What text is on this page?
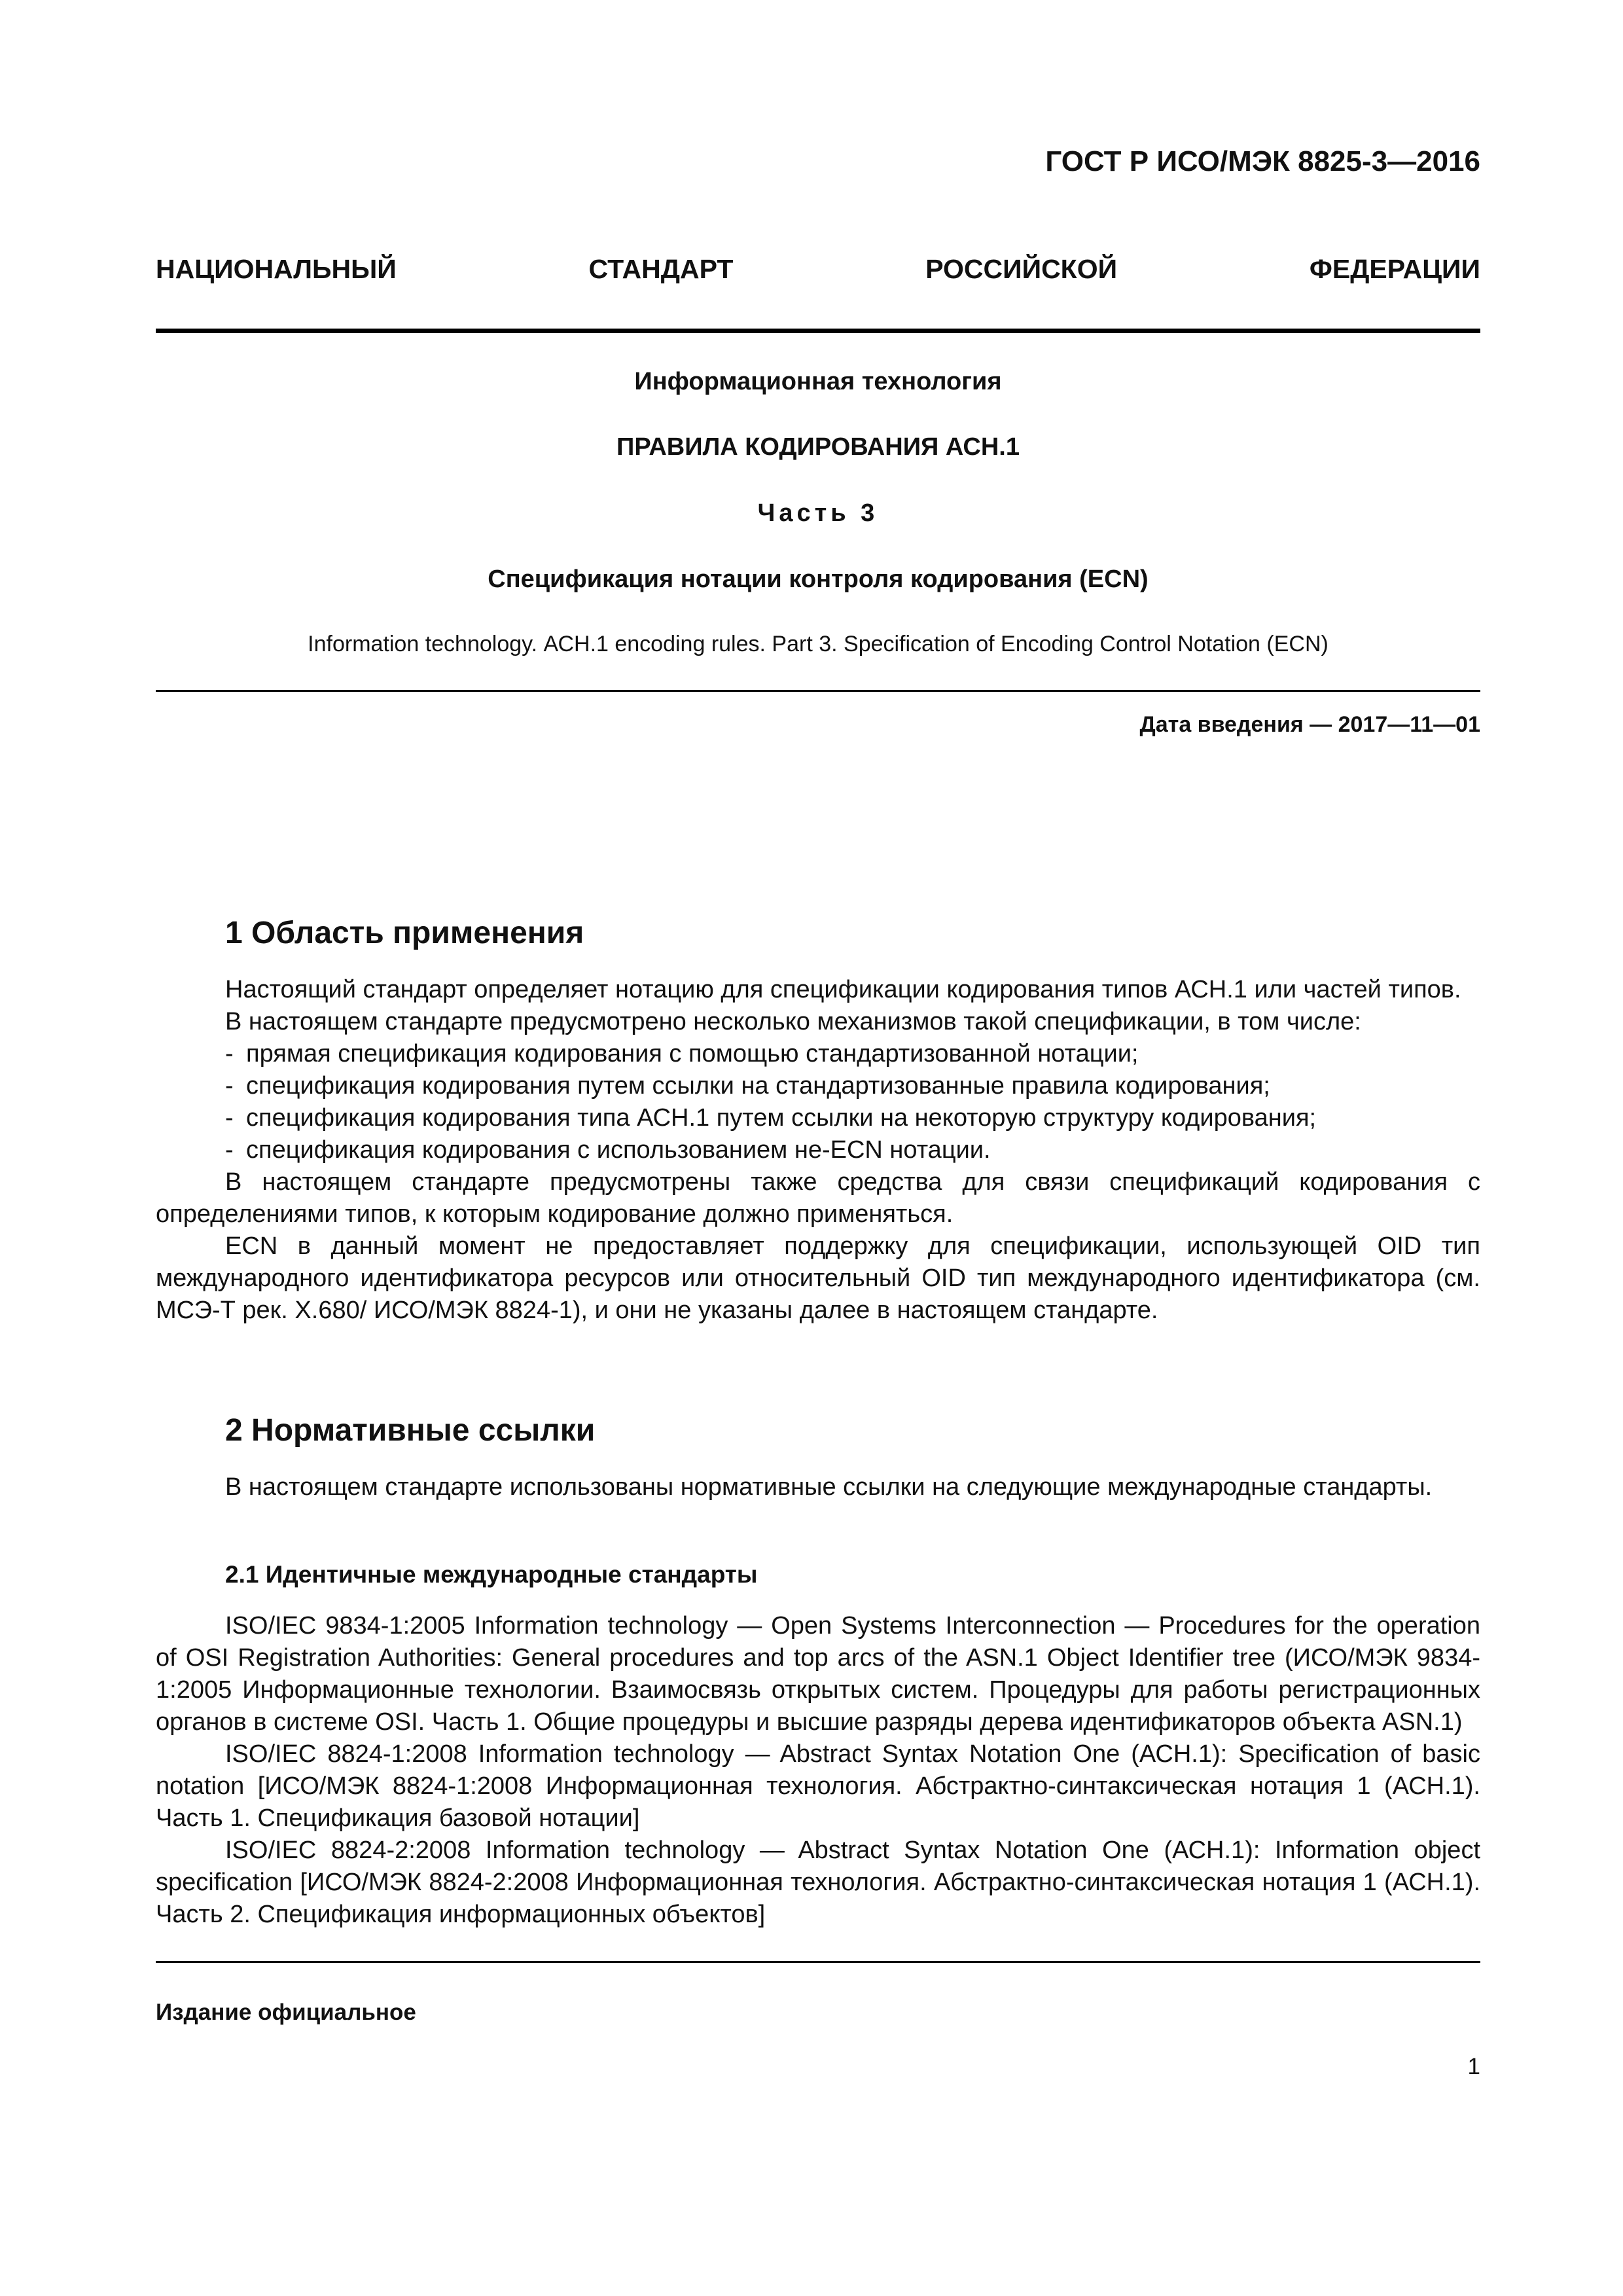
ГОСТ Р ИСО/МЭК 8825-3—2016
НАЦИОНАЛЬНЫЙ СТАНДАРТ РОССИЙСКОЙ ФЕДЕРАЦИИ
Информационная технология
ПРАВИЛА КОДИРОВАНИЯ АСН.1
Часть 3
Спецификация нотации контроля кодирования (ECN)
Information technology. АСН.1 encoding rules. Part 3. Specification of Encoding Control Notation (ECN)
Дата введения — 2017—11—01
1 Область применения

Настоящий стандарт определяет нотацию для спецификации кодирования типов АСН.1 или частей типов.

В настоящем стандарте предусмотрено несколько механизмов такой спецификации, в том числе:

- прямая спецификация кодирования с помощью стандартизованной нотации;

- спецификация кодирования путем ссылки на стандартизованные правила кодирования;

- спецификация кодирования типа АСН.1 путем ссылки на некоторую структуру кодирования;

- спецификация кодирования с использованием не-ECN нотации.

В настоящем стандарте предусмотрены также средства для связи спецификаций кодирования с определениями типов, к которым кодирование должно применяться.

ECN в данный момент не предоставляет поддержку для спецификации, использующей OID тип международного идентификатора ресурсов или относительный OID тип международного идентификатора (см. МСЭ-Т рек. Х.680/ ИСО/МЭК 8824-1), и они не указаны далее в настоящем стандарте.

2 Нормативные ссылки

В настоящем стандарте использованы нормативные ссылки на следующие международные стандарты.

2.1 Идентичные международные стандарты

ISO/IEC 9834-1:2005 Information technology — Open Systems Interconnection — Procedures for the operation of OSI Registration Authorities: General procedures and top arcs of the ASN.1 Object Identifier tree (ИСО/МЭК 9834-1:2005 Информационные технологии. Взаимосвязь открытых систем. Процедуры для работы регистрационных органов в системе OSI. Часть 1. Общие процедуры и высшие разряды дерева идентификаторов объекта ASN.1)

ISO/IEC 8824-1:2008 Information technology — Abstract Syntax Notation One (АСН.1): Specification of basic notation [ИСО/МЭК 8824-1:2008 Информационная технология. Абстрактно-синтаксическая нотация 1 (АСН.1). Часть 1. Спецификация базовой нотации]

ISO/IEC 8824-2:2008 Information technology — Abstract Syntax Notation One (АСН.1): Information object specification [ИСО/МЭК 8824-2:2008 Информационная технология. Абстрактно-синтаксическая нотация 1 (АСН.1). Часть 2. Спецификация информационных объектов]

Издание официальное
1
